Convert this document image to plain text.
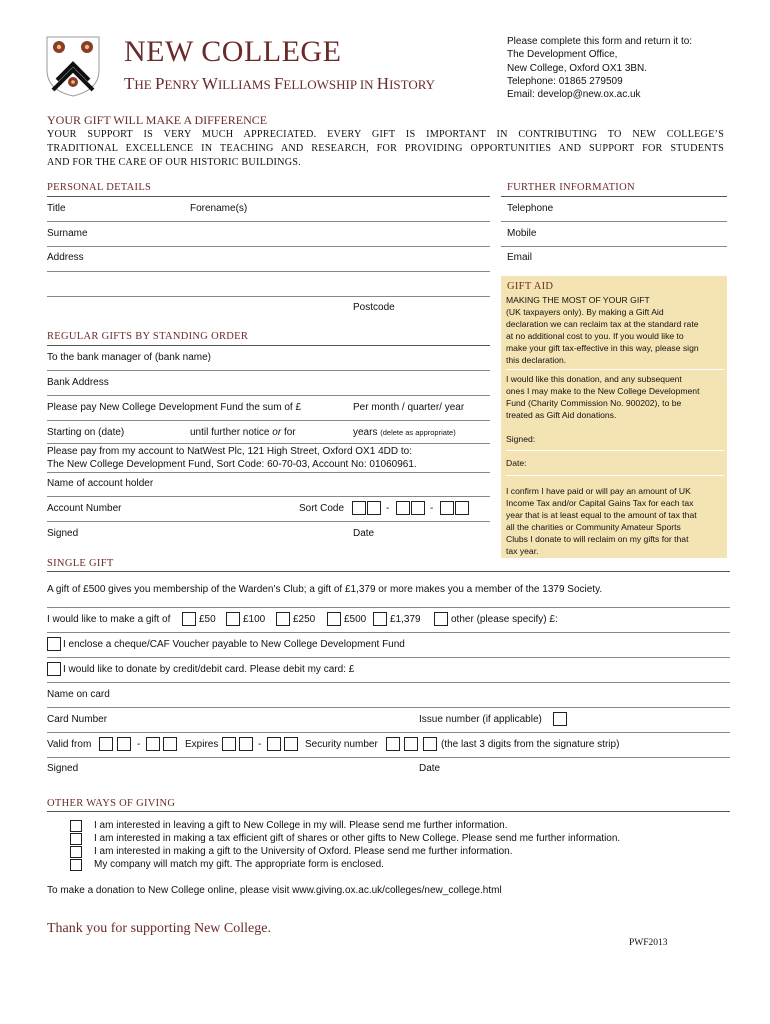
NEW COLLEGE
THE PENRY WILLIAMS FELLOWSHIP IN HISTORY
Please complete this form and return it to:
The Development Office,
New College, Oxford OX1 3BN.
Telephone: 01865 279509
Email: develop@new.ox.ac.uk
YOUR GIFT WILL MAKE A DIFFERENCE
YOUR SUPPORT IS VERY MUCH APPRECIATED. EVERY GIFT IS IMPORTANT IN CONTRIBUTING TO NEW COLLEGE’S
TRADITIONAL EXCELLENCE IN TEACHING AND RESEARCH, FOR PROVIDING OPPORTUNITIES AND SUPPORT FOR STUDENTS
AND FOR THE CARE OF OUR HISTORIC BUILDINGS.
PERSONAL DETAILS
Title	Forename(s)
Surname
Address
Postcode
FURTHER INFORMATION
Telephone
Mobile
Email
GIFT AID
MAKING THE MOST OF YOUR GIFT
(UK taxpayers only). By making a Gift Aid
declaration we can reclaim tax at the standard rate
at no additional cost to you. If you would like to
make your gift tax-effective in this way, please sign
this declaration.
I would like this donation, and any subsequent
ones I may make to the New College Development
Fund (Charity Commission No. 900202), to be
treated as Gift Aid donations.
Signed:
Date:
I confirm I have paid or will pay an amount of UK
Income Tax and/or Capital Gains Tax for each tax
year that is at least equal to the amount of tax that
all the charities or Community Amateur Sports
Clubs I donate to will reclaim on my gifts for that
tax year.
REGULAR GIFTS BY STANDING ORDER
To the bank manager of (bank name)
Bank Address
Please pay New College Development Fund the sum of £	Per month / quarter/ year
Starting on (date)	until further notice or for	years (delete as appropriate)
Please pay from my account to NatWest Plc, 121 High Street, Oxford OX1 4DD to:
The New College Development Fund, Sort Code: 60-70-03, Account No: 01060961.
Name of account holder
Account Number	Sort Code	-	-
Signed	Date
SINGLE GIFT
A gift of £500 gives you membership of the Warden’s Club; a gift of £1,379 or more makes you a member of the 1379 Society.
I would like to make a gift of	£50	£100	£250	£500 £1,379	other (please specify) £:
I enclose a cheque/CAF Voucher payable to New College Development Fund
I would like to donate by credit/debit card. Please debit my card: £
Name on card
Card Number	Issue number (if applicable)
Valid from	-	Expires	-	Security number	(the last 3 digits from the signature strip)
Signed	Date
OTHER WAYS OF GIVING
I am interested in leaving a gift to New College in my will. Please send me further information.
I am interested in making a tax efficient gift of shares or other gifts to New College. Please send me further information.
I am interested in making a gift to the University of Oxford. Please send me further information.
My company will match my gift. The appropriate form is enclosed.
To make a donation to New College online, please visit www.giving.ox.ac.uk/colleges/new_college.html
Thank you for supporting New College.
PWF2013
